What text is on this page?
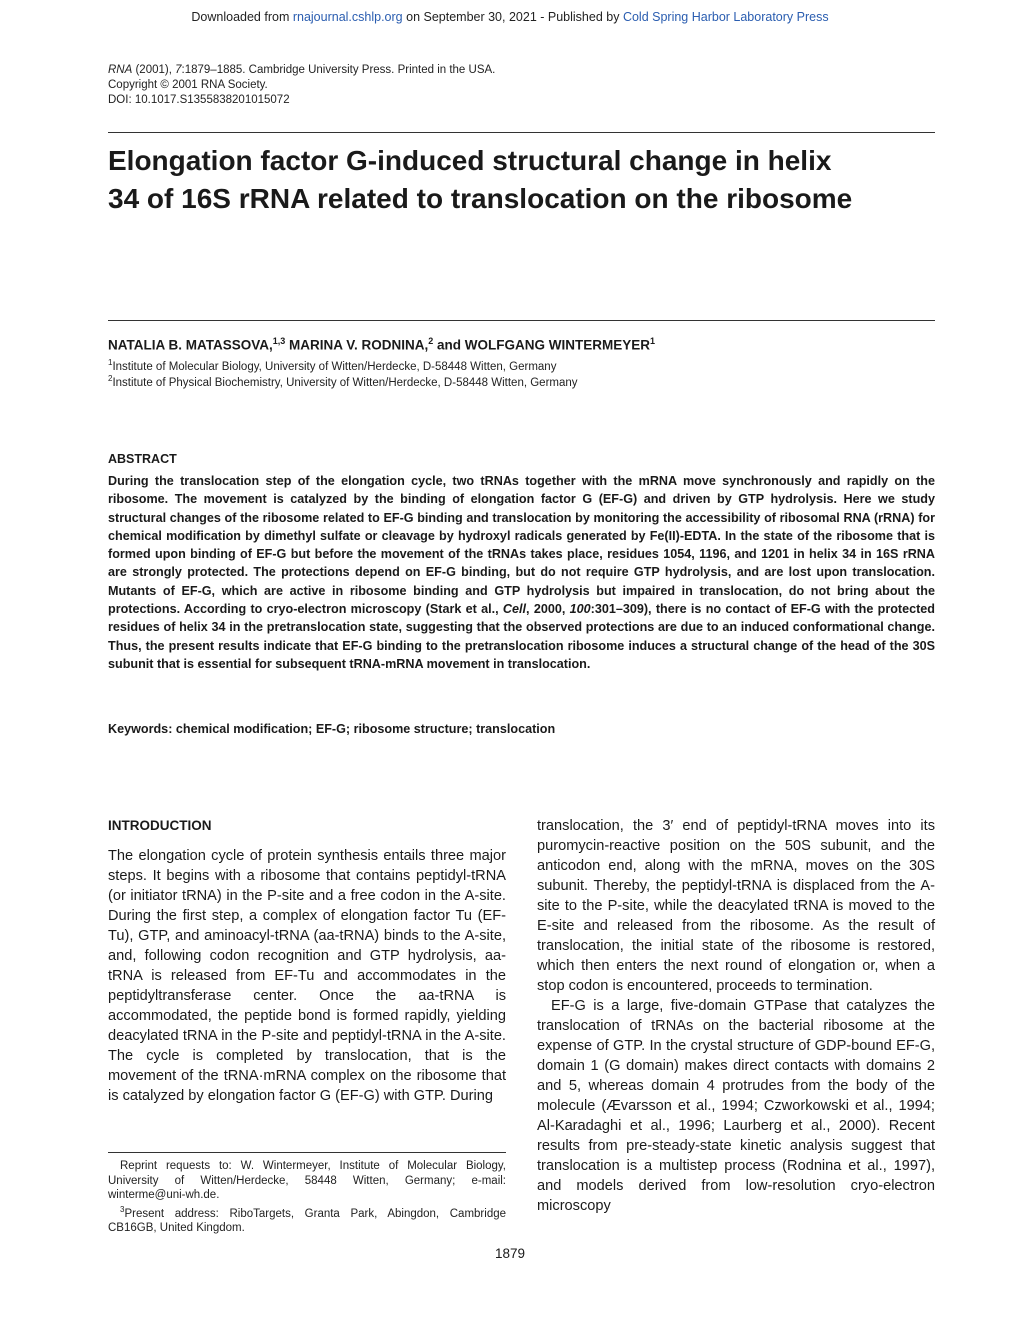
Downloaded from rnajournal.cshlp.org on September 30, 2021 - Published by Cold Spring Harbor Laboratory Press
RNA (2001), 7:1879–1885. Cambridge University Press. Printed in the USA.
Copyright © 2001 RNA Society.
DOI: 10.1017.S1355838201015072
Elongation factor G-induced structural change in helix 34 of 16S rRNA related to translocation on the ribosome
NATALIA B. MATASSOVA,$^{1,3}$ MARINA V. RODNINA,$^2$ and WOLFGANG WINTERMEYER$^1$
$^1$Institute of Molecular Biology, University of Witten/Herdecke, D-58448 Witten, Germany
$^2$Institute of Physical Biochemistry, University of Witten/Herdecke, D-58448 Witten, Germany
ABSTRACT
During the translocation step of the elongation cycle, two tRNAs together with the mRNA move synchronously and rapidly on the ribosome. The movement is catalyzed by the binding of elongation factor G (EF-G) and driven by GTP hydrolysis. Here we study structural changes of the ribosome related to EF-G binding and translocation by monitoring the accessibility of ribosomal RNA (rRNA) for chemical modification by dimethyl sulfate or cleavage by hydroxyl radicals generated by Fe(II)-EDTA. In the state of the ribosome that is formed upon binding of EF-G but before the movement of the tRNAs takes place, residues 1054, 1196, and 1201 in helix 34 in 16S rRNA are strongly protected. The protections depend on EF-G binding, but do not require GTP hydrolysis, and are lost upon translocation. Mutants of EF-G, which are active in ribosome binding and GTP hydrolysis but impaired in translocation, do not bring about the protections. According to cryo-electron microscopy (Stark et al., Cell, 2000, 100:301–309), there is no contact of EF-G with the protected residues of helix 34 in the pretranslocation state, suggesting that the observed protections are due to an induced conformational change. Thus, the present results indicate that EF-G binding to the pretranslocation ribosome induces a structural change of the head of the 30S subunit that is essential for subsequent tRNA-mRNA movement in translocation.
Keywords: chemical modification; EF-G; ribosome structure; translocation
INTRODUCTION

The elongation cycle of protein synthesis entails three major steps. It begins with a ribosome that contains peptidyl-tRNA (or initiator tRNA) in the P-site and a free codon in the A-site. During the first step, a complex of elongation factor Tu (EF-Tu), GTP, and aminoacyl-tRNA (aa-tRNA) binds to the A-site, and, following codon recognition and GTP hydrolysis, aa-tRNA is released from EF-Tu and accommodates in the peptidyltransferase center. Once the aa-tRNA is accommodated, the peptide bond is formed rapidly, yielding deacylated tRNA in the P-site and peptidyl-tRNA in the A-site. The cycle is completed by translocation, that is the movement of the tRNA·mRNA complex on the ribosome that is catalyzed by elongation factor G (EF-G) with GTP. During

translocation, the 3′ end of peptidyl-tRNA moves into its puromycin-reactive position on the 50S subunit, and the anticodon end, along with the mRNA, moves on the 30S subunit. Thereby, the peptidyl-tRNA is displaced from the A-site to the P-site, while the deacylated tRNA is moved to the E-site and released from the ribosome. As the result of translocation, the initial state of the ribosome is restored, which then enters the next round of elongation or, when a stop codon is encountered, proceeds to termination.

EF-G is a large, five-domain GTPase that catalyzes the translocation of tRNAs on the bacterial ribosome at the expense of GTP. In the crystal structure of GDP-bound EF-G, domain 1 (G domain) makes direct contacts with domains 2 and 5, whereas domain 4 protrudes from the body of the molecule (Ævarsson et al., 1994; Czworkowski et al., 1994; Al-Karadaghi et al., 1996; Laurberg et al., 2000). Recent results from pre-steady-state kinetic analysis suggest that translocation is a multistep process (Rodnina et al., 1997), and models derived from low-resolution cryo-electron microscopy

Reprint requests to: W. Wintermeyer, Institute of Molecular Biology, University of Witten/Herdecke, 58448 Witten, Germany; e-mail: winterme@uni-wh.de.

$^3$Present address: RiboTargets, Granta Park, Abingdon, Cambridge CB16GB, United Kingdom.

1879
